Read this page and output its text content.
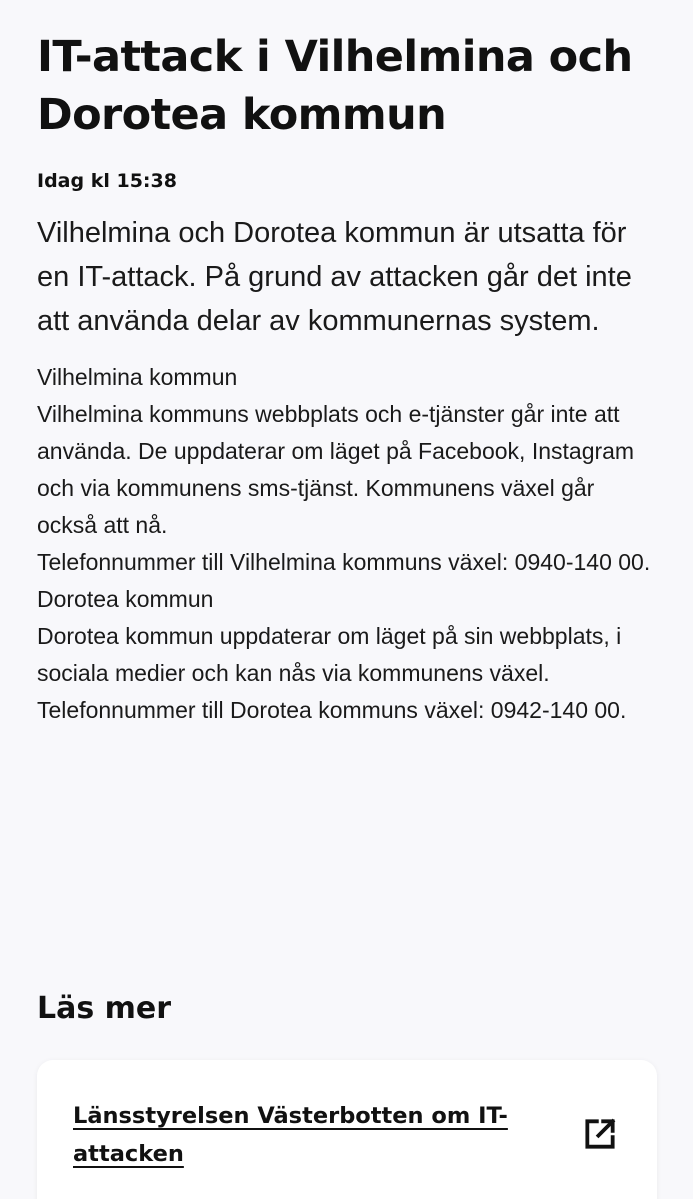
IT-attack i Vilhelmina och Dorotea kommun
Idag kl 15:38

Vilhelmina och Dorotea kommun är utsatta för en IT-attack. På grund av attacken går det inte att använda delar av kommunernas system.

Vilhelmina kommun

Vilhelmina kommuns webbplats och e-tjänster går inte att använda. De uppdaterar om läget på Facebook, Instagram och via kommunens sms-tjänst. Kommunens växel går också att nå.

Telefonnummer till Vilhelmina kommuns växel: 0940-140 00.

Dorotea kommun

Dorotea kommun uppdaterar om läget på sin webbplats, i sociala medier och kan nås via kommunens växel.

Telefonnummer till Dorotea kommuns växel: 0942-140 00.

Läs mer
Länsstyrelsen Västerbotten om IT-attacken
